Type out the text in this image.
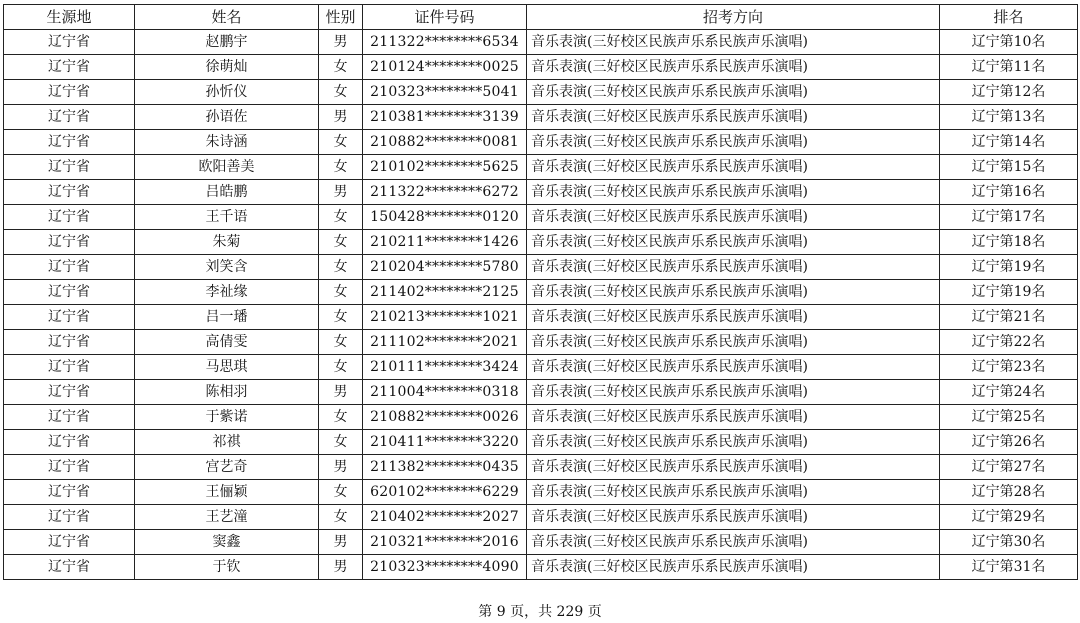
生源地	姓名	性别	证件号码	招考方向	排名
辽宁省	赵鹏宇	男	211322********6534	音乐表演(三好校区民族声乐系民族声乐演唱)	辽宁第10名
辽宁省	徐萌灿	女	210124********0025	音乐表演(三好校区民族声乐系民族声乐演唱)	辽宁第11名
辽宁省	孙忻仪	女	210323********5041	音乐表演(三好校区民族声乐系民族声乐演唱)	辽宁第12名
辽宁省	孙语佐	男	210381********3139	音乐表演(三好校区民族声乐系民族声乐演唱)	辽宁第13名
辽宁省	朱诗涵	女	210882********0081	音乐表演(三好校区民族声乐系民族声乐演唱)	辽宁第14名
辽宁省	欧阳善美	女	210102********5625	音乐表演(三好校区民族声乐系民族声乐演唱)	辽宁第15名
辽宁省	吕皓鹏	男	211322********6272	音乐表演(三好校区民族声乐系民族声乐演唱)	辽宁第16名
辽宁省	王千语	女	150428********0120	音乐表演(三好校区民族声乐系民族声乐演唱)	辽宁第17名
辽宁省	朱菊	女	210211********1426	音乐表演(三好校区民族声乐系民族声乐演唱)	辽宁第18名
辽宁省	刘笑含	女	210204********5780	音乐表演(三好校区民族声乐系民族声乐演唱)	辽宁第19名
辽宁省	李祉缘	女	211402********2125	音乐表演(三好校区民族声乐系民族声乐演唱)	辽宁第19名
辽宁省	吕一璠	女	210213********1021	音乐表演(三好校区民族声乐系民族声乐演唱)	辽宁第21名
辽宁省	高倩雯	女	211102********2021	音乐表演(三好校区民族声乐系民族声乐演唱)	辽宁第22名
辽宁省	马思琪	女	210111********3424	音乐表演(三好校区民族声乐系民族声乐演唱)	辽宁第23名
辽宁省	陈相羽	男	211004********0318	音乐表演(三好校区民族声乐系民族声乐演唱)	辽宁第24名
辽宁省	于紫诺	女	210882********0026	音乐表演(三好校区民族声乐系民族声乐演唱)	辽宁第25名
辽宁省	祁祺	女	210411********3220	音乐表演(三好校区民族声乐系民族声乐演唱)	辽宁第26名
辽宁省	宫艺奇	男	211382********0435	音乐表演(三好校区民族声乐系民族声乐演唱)	辽宁第27名
辽宁省	王俪颖	女	620102********6229	音乐表演(三好校区民族声乐系民族声乐演唱)	辽宁第28名
辽宁省	王艺潼	女	210402********2027	音乐表演(三好校区民族声乐系民族声乐演唱)	辽宁第29名
辽宁省	窦鑫	男	210321********2016	音乐表演(三好校区民族声乐系民族声乐演唱)	辽宁第30名
辽宁省	于钦	男	210323********4090	音乐表演(三好校区民族声乐系民族声乐演唱)	辽宁第31名
第 9 页，共 229 页
